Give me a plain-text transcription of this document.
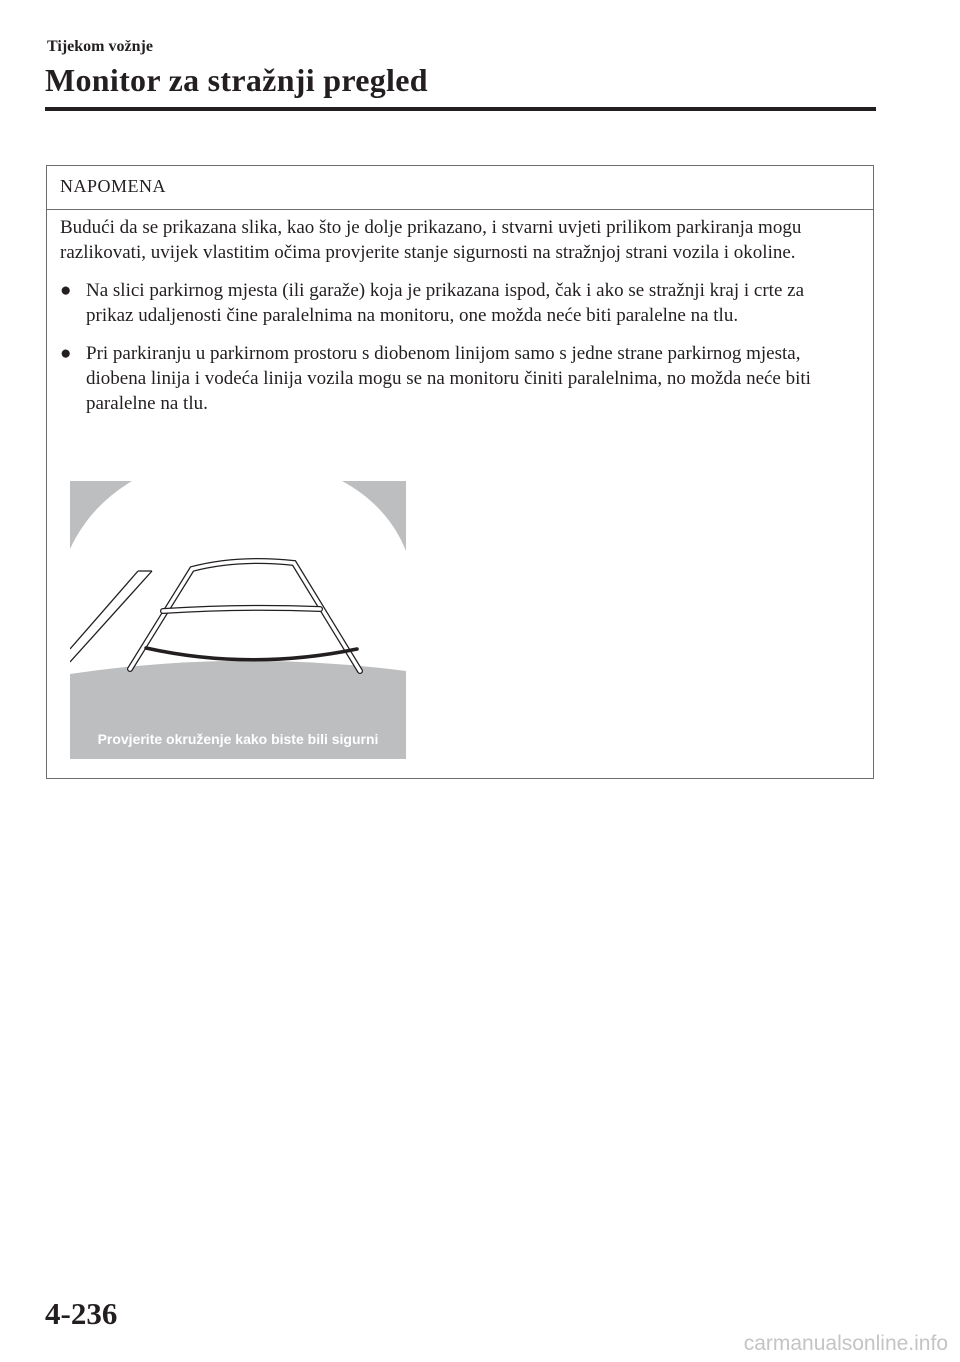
Tijekom vožnje
Monitor za stražnji pregled
NAPOMENA

Budući da se prikazana slika, kao što je dolje prikazano, i stvarni uvjeti prilikom parkiranja mogu razlikovati, uvijek vlastitim očima provjerite stanje sigurnosti na stražnjoj strani vozila i okoline.

● Na slici parkirnog mjesta (ili garaže) koja je prikazana ispod, čak i ako se stražnji kraj i crte za prikaz udaljenosti čine paralelnima na monitoru, one možda neće biti paralelne na tlu.
● Pri parkiranju u parkirnom prostoru s diobenom linijom samo s jedne strane parkirnog mjesta, diobena linija i vodeća linija vozila mogu se na monitoru činiti paralelnima, no možda neće biti paralelne na tlu.
Provjerite okruženje kako biste bili sigurni
4-236
carmanualsonline.info
